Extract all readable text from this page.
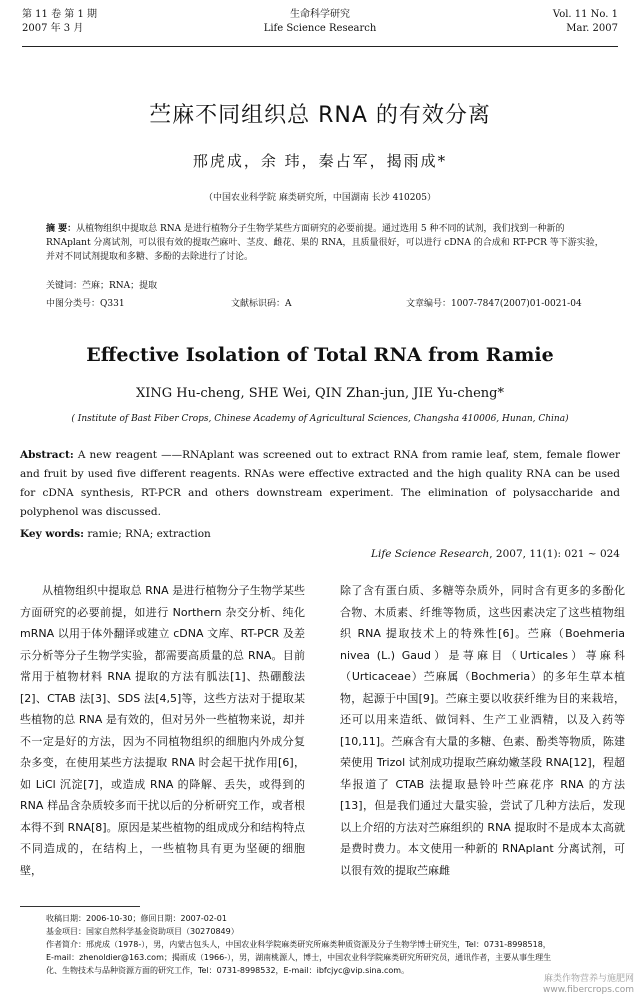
第 11 卷 第 1 期
2007 年 3 月
生命科学研究
Life Science Research
Vol. 11 No. 1
Mar. 2007
苎麻不同组织总 RNA 的有效分离
邢虎成，余 玮，秦占军，揭雨成*
（中国农业科学院 麻类研究所，中国湖南 长沙 410205）
摘 要：从植物组织中提取总 RNA 是进行植物分子生物学某些方面研究的必要前提。通过选用 5 种不同的试剂，我们找到一种新的 RNAplant 分离试剂，可以很有效的提取苎麻叶、茎皮、雌花、果的 RNA，且质量很好，可以进行 cDNA 的合成和 RT-PCR 等下游实验，并对不同试剂提取和多糖、多酚的去除进行了讨论。
关键词：苎麻；RNA；提取
中图分类号：Q331	文献标识码：A	文章编号：1007-7847(2007)01-0021-04
Effective Isolation of Total RNA from Ramie
XING Hu-cheng, SHE Wei, QIN Zhan-jun, JIE Yu-cheng*
( Institute of Bast Fiber Crops, Chinese Academy of Agricultural Sciences, Changsha 410006, Hunan, China)
Abstract: A new reagent ——RNAplant was screened out to extract RNA from ramie leaf, stem, female flower and fruit by used five different reagents. RNAs were effective extracted and the high quality RNA can be used for cDNA synthesis, RT-PCR and others downstream experiment. The elimination of polysaccharide and polyphenol was discussed.
Key words: ramie; RNA; extraction
Life Science Research, 2007, 11(1): 021 ~ 024

从植物组织中提取总 RNA 是进行植物分子生物学某些方面研究的必要前提，如进行 Northern 杂交分析、纯化 mRNA 以用于体外翻译或建立 cDNA 文库、RT-PCR 及差示分析等分子生物学实验，都需要高质量的总 RNA。目前常用于植物材料 RNA 提取的方法有胍法[1]、热硼酸法[2]、CTAB 法[3]、SDS 法[4,5]等，这些方法对于提取某些植物的总 RNA 是有效的，但对另外一些植物来说，却并不一定是好的方法，因为不同植物组织的细胞内外成分复杂多变，在使用某些方法提取 RNA 时会起干扰作用[6]，如 LiCl 沉淀[7]，或造成 RNA 的降解、丢失，或得到的 RNA 样品含杂质较多而干扰以后的分析研究工作，或者根本得不到 RNA[8]。原因是某些植物的组成成分和结构特点不同造成的，在结构上，一些植物具有更为坚硬的细胞壁，

除了含有蛋白质、多糖等杂质外，同时含有更多的多酚化合物、木质素、纤维等物质，这些因素决定了这些植物组织 RNA 提取技术上的特殊性[6]。苎麻（Boehmeria nivea (L.) Gaud）是荨麻目（Urticales）荨麻科（Urticaceae）苎麻属（Bochmeria）的多年生草本植物，起源于中国[9]。苎麻主要以收获纤维为目的来栽培，还可以用来造纸、做饲料、生产工业酒精，以及入药等[10,11]。苎麻含有大量的多糖、色素、酚类等物质，陈建荣使用 Trizol 试剂成功提取苎麻幼嫩茎段 RNA[12]，程超华报道了 CTAB 法提取悬铃叶苎麻花序 RNA 的方法[13]，但是我们通过大量实验，尝试了几种方法后，发现以上介绍的方法对苎麻组织的 RNA 提取时不是成本太高就是费时费力。本文使用一种新的 RNAplant 分离试剂，可以很有效的提取苎麻雌

收稿日期：2006-10-30；修回日期：2007-02-01
基金项目：国家自然科学基金资助项目（30270849）
作者简介：邢虎成（1978-），男，内蒙古包头人，中国农业科学院麻类研究所麻类种质资源及分子生物学博士研究生，Tel：0731-8998518，
E-mail：zhenoldier@163.com；揭雨成（1966-），男，湖南桃源人，博士，中国农业科学院麻类研究所研究员，通讯作者，主要从事生理生
化、生物技术与品种资源方面的研究工作，Tel：0731-8998532，E-mail：ibfcjyc@vip.sina.com。
麻类作物营养与施肥网
www.fibercrops.com
